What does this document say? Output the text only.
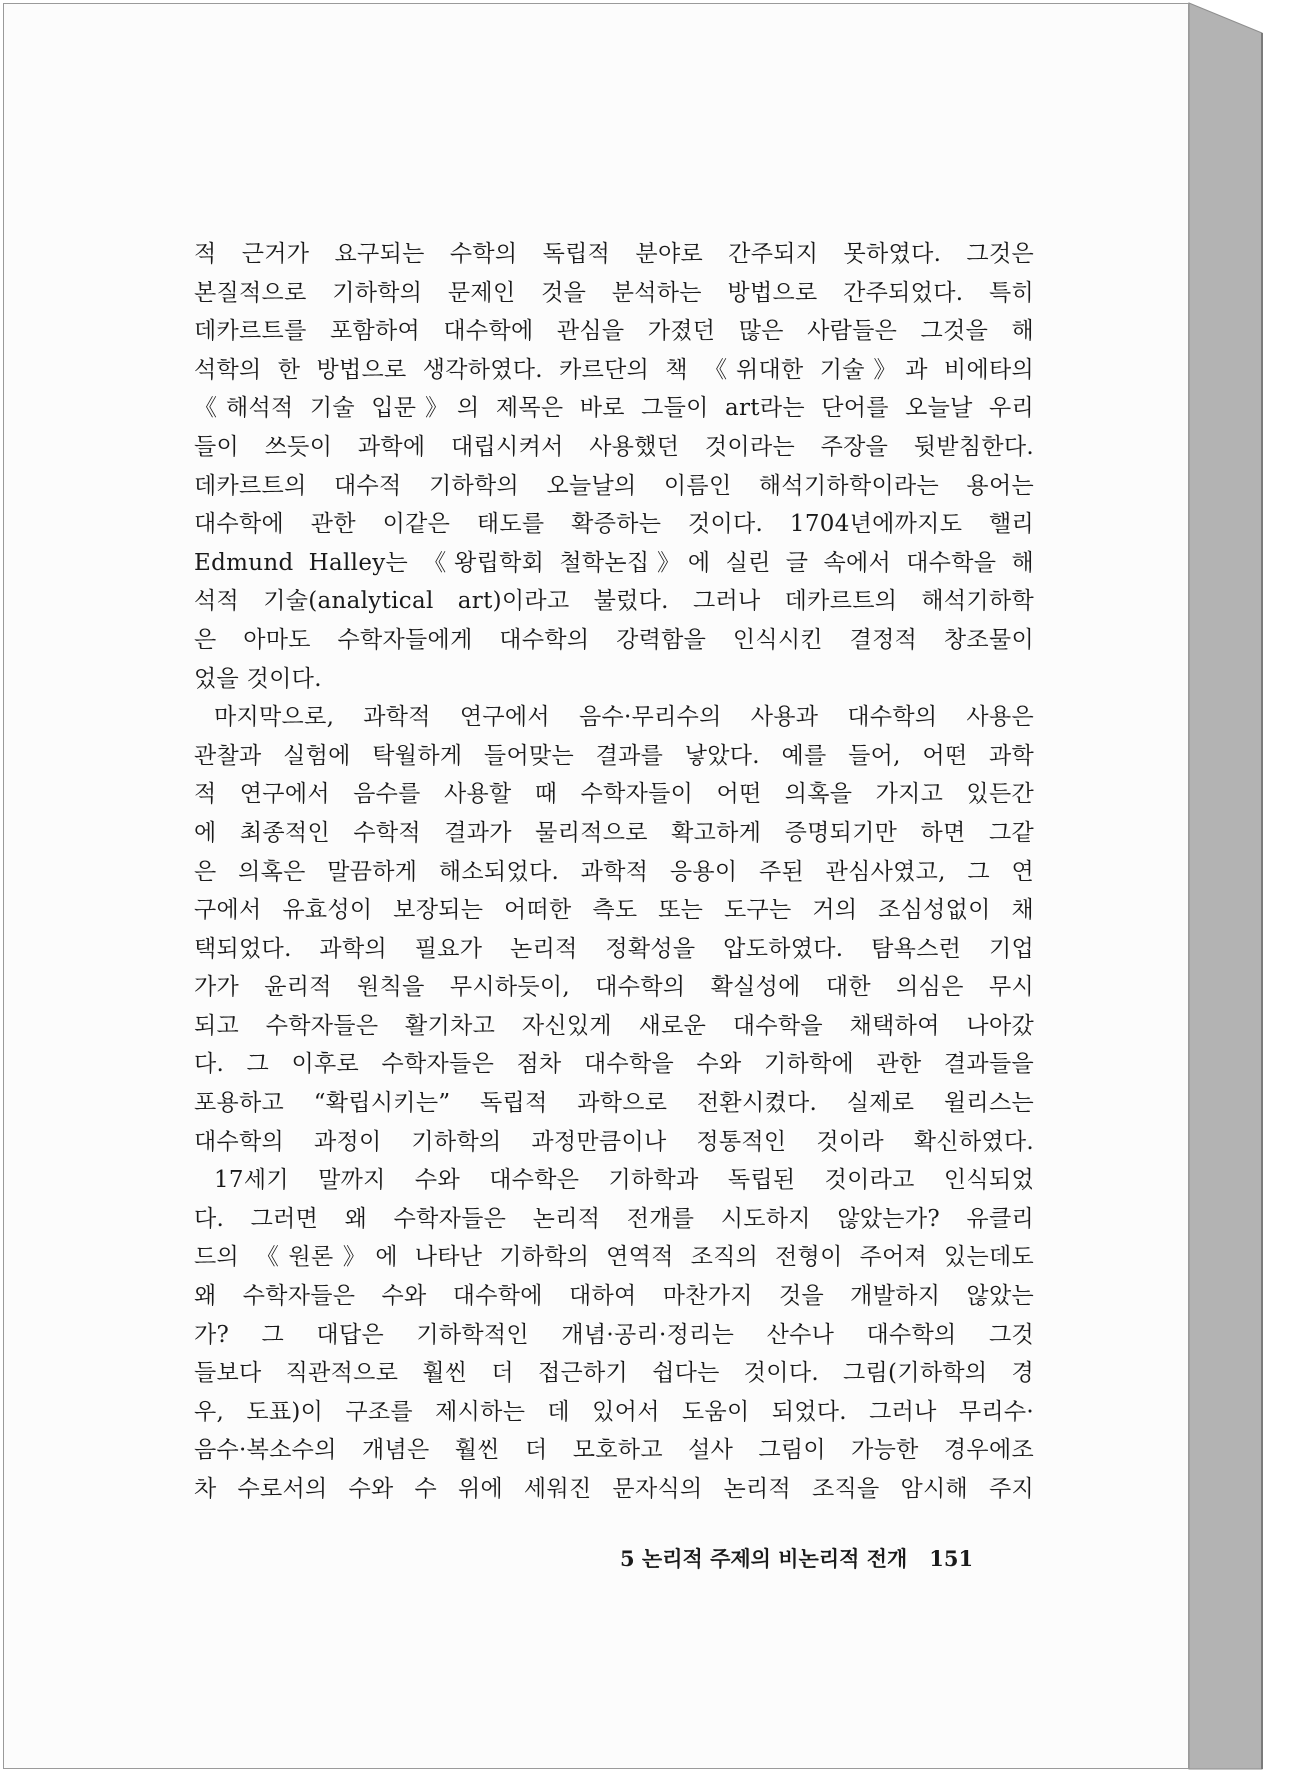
적 근거가 요구되는 수학의 독립적 분야로 간주되지 못하였다. 그것은
본질적으로 기하학의 문제인 것을 분석하는 방법으로 간주되었다. 특히
데카르트를 포함하여 대수학에 관심을 가졌던 많은 사람들은 그것을 해
석학의 한 방법으로 생각하였다. 카르단의 책 《위대한 기술》과 비에타의
《해석적 기술 입문》의 제목은 바로 그들이 art라는 단어를 오늘날 우리
들이 쓰듯이 과학에 대립시켜서 사용했던 것이라는 주장을 뒷받침한다.
데카르트의 대수적 기하학의 오늘날의 이름인 해석기하학이라는 용어는
대수학에 관한 이같은 태도를 확증하는 것이다. 1704년에까지도 핼리
Edmund Halley는 《왕립학회 철학논집》에 실린 글 속에서 대수학을 해
석적 기술(analytical art)이라고 불렀다. 그러나 데카르트의 해석기하학
은 아마도 수학자들에게 대수학의 강력함을 인식시킨 결정적 창조물이
었을 것이다.
마지막으로, 과학적 연구에서 음수·무리수의 사용과 대수학의 사용은
관찰과 실험에 탁월하게 들어맞는 결과를 낳았다. 예를 들어, 어떤 과학
적 연구에서 음수를 사용할 때 수학자들이 어떤 의혹을 가지고 있든간
에 최종적인 수학적 결과가 물리적으로 확고하게 증명되기만 하면 그같
은 의혹은 말끔하게 해소되었다. 과학적 응용이 주된 관심사였고, 그 연
구에서 유효성이 보장되는 어떠한 측도 또는 도구는 거의 조심성없이 채
택되었다. 과학의 필요가 논리적 정확성을 압도하였다. 탐욕스런 기업
가가 윤리적 원칙을 무시하듯이, 대수학의 확실성에 대한 의심은 무시
되고 수학자들은 활기차고 자신있게 새로운 대수학을 채택하여 나아갔
다. 그 이후로 수학자들은 점차 대수학을 수와 기하학에 관한 결과들을
포용하고 “확립시키는” 독립적 과학으로 전환시켰다. 실제로 윌리스는
대수학의 과정이 기하학의 과정만큼이나 정통적인 것이라 확신하였다.
17세기 말까지 수와 대수학은 기하학과 독립된 것이라고 인식되었
다. 그러면 왜 수학자들은 논리적 전개를 시도하지 않았는가? 유클리
드의 《원론》에 나타난 기하학의 연역적 조직의 전형이 주어져 있는데도
왜 수학자들은 수와 대수학에 대하여 마찬가지 것을 개발하지 않았는
가? 그 대답은 기하학적인 개념·공리·정리는 산수나 대수학의 그것
들보다 직관적으로 훨씬 더 접근하기 쉽다는 것이다. 그림(기하학의 경
우, 도표)이 구조를 제시하는 데 있어서 도움이 되었다. 그러나 무리수·
음수·복소수의 개념은 훨씬 더 모호하고 설사 그림이 가능한 경우에조
차 수로서의 수와 수 위에 세워진 문자식의 논리적 조직을 암시해 주지
5 논리적 주제의 비논리적 전개 151
